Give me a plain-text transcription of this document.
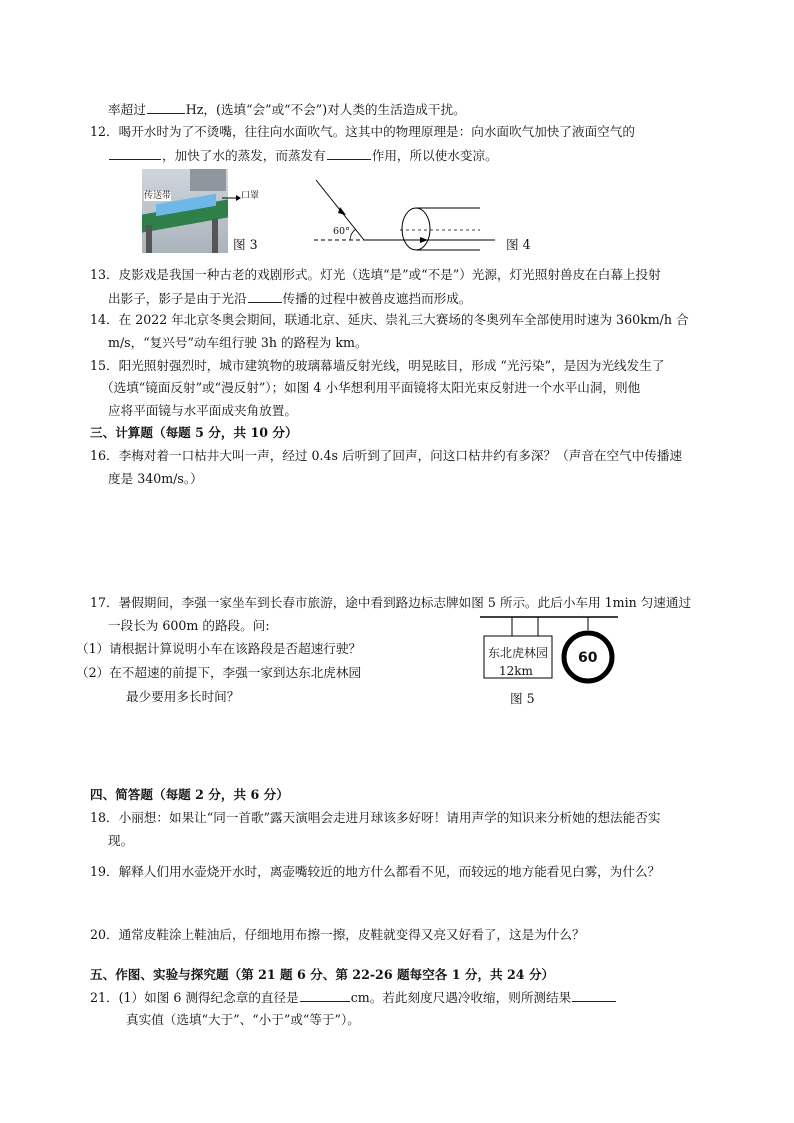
率超过	Hz，(选填“会”或“不会”)对人类的生活造成干扰。
12．喝开水时为了不烫嘴，往往向水面吹气。这其中的物理原理是：向水面吹气加快了液面空气的
，加快了水的蒸发，而蒸发有	作用，所以使水变凉。
传送带	口罩
图 3
60°
图 4
13．皮影戏是我国一种古老的戏剧形式。灯光（选填“是”或“不是”）光源，灯光照射兽皮在白幕上投射
出影子，影子是由于光沿	传播的过程中被兽皮遮挡而形成。
14．在 2022 年北京冬奥会期间，联通北京、延庆、崇礼三大赛场的冬奥列车全部使用时速为 360km/h 合
m/s，“复兴号”动车组行驶 3h 的路程为 km。
15．阳光照射强烈时，城市建筑物的玻璃幕墙反射光线，明晃眩目，形成 “光污染”，是因为光线发生了
（选填“镜面反射”或“漫反射”）；如图 4 小华想利用平面镜将太阳光束反射进一个水平山洞，则他
应将平面镜与水平面成夹角放置。
三、计算题（每题 5 分，共 10 分）
16．李梅对着一口枯井大叫一声，经过 0.4s 后听到了回声，问这口枯井约有多深？（声音在空气中传播速
度是 340m/s。）
17．暑假期间，李强一家坐车到长春市旅游，途中看到路边标志牌如图 5 所示。此后小车用 1min 匀速通过
一段长为 600m 的路段。问:
（1）请根据计算说明小车在该路段是否超速行驶？
（2）在不超速的前提下，李强一家到达东北虎林园
最少要用多长时间？
东北虎林园
12km
60
图 5
四、简答题（每题 2 分，共 6 分）
18．小丽想：如果让“同一首歌”露天演唱会走进月球该多好呀！请用声学的知识来分析她的想法能否实
现。
19．解释人们用水壶烧开水时，离壶嘴较近的地方什么都看不见，而较远的地方能看见白雾，为什么？
20．通常皮鞋涂上鞋油后，仔细地用布擦一擦，皮鞋就变得又亮又好看了，这是为什么？
五、作图、实验与探究题（第 21 题 6 分、第 22-26 题每空各 1 分，共 24 分）
21．(1）如图 6 测得纪念章的直径是	cm。若此刻度尺遇冷收缩，则所测结果
真实值（选填“大于”、“小于”或“等于”）。
